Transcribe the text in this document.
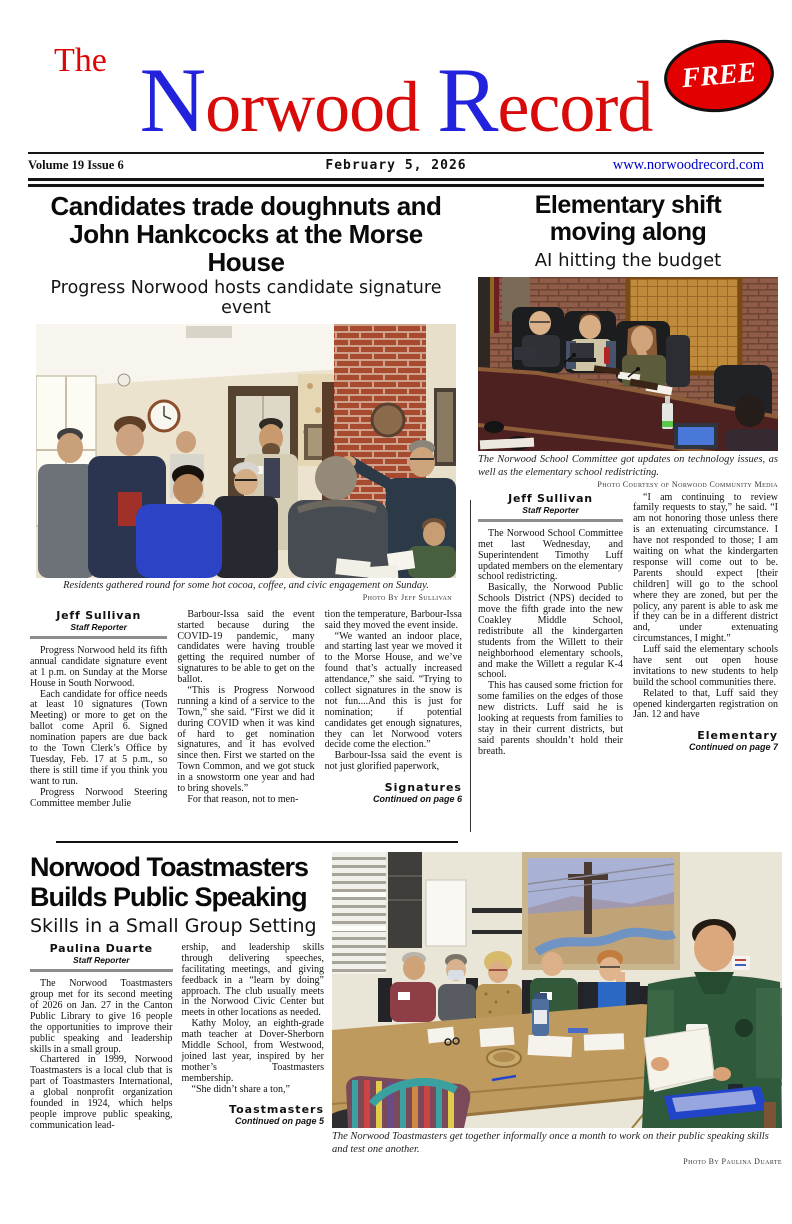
The Norwood Record	FREE
Volume 19 Issue 6	February 5, 2026	www.norwoodrecord.com
Candidates trade doughnuts and
John Hankcocks at the Morse House
Progress Norwood hosts candidate signature event
Residents gathered round for some hot cocoa, coffee, and civic engagement on Sunday.
Photo By Jeff Sullivan
Jeff Sullivan
Staff Reporter

Progress Norwood held its fifth annual candidate signature event at 1 p.m. on Sunday at the Morse House in South Norwood.

Each candidate for office needs at least 10 signatures (Town Meeting) or more to get on the ballot come April 6. Signed nomination papers are due back to the Town Clerk’s Office by Tuesday, Feb. 17 at 5 p.m., so there is still time if you think you want to run.

Progress Norwood Steering Committee member Julie

Barbour-Issa said the event started because during the COVID-19 pandemic, many candidates were having trouble getting the required number of signatures to be able to get on the ballot.

“This is Progress Norwood running a kind of a service to the Town,” she said. “First we did it during COVID when it was kind of hard to get nomination signatures, and it has evolved since then. First we started on the Town Common, and we got stuck in a snowstorm one year and had to bring shovels.”

For that reason, not to men-

tion the temperature, Barbour-Issa said they moved the event inside.

“We wanted an indoor place, and starting last year we moved it to the Morse House, and we’ve found that’s actually increased attendance,” she said. “Trying to collect signatures in the snow is not fun....And this is just for nomination; if potential candidates get enough signatures, they can let Norwood voters decide come the election.”

Barbour-Issa said the event is not just glorified paperwork,

Signatures
Continued on page 6
Elementary shift
moving along
AI hitting the budget
The Norwood School Committee got updates on technology issues, as well as the elementary school redistricting.
Photo Courtesy of Norwood Community Media
Jeff Sullivan
Staff Reporter

The Norwood School Committee met last Wednesday, and Superintendent Timothy Luff updated members on the elementary school redistricting.

Basically, the Norwood Public Schools District (NPS) decided to move the fifth grade into the new Coakley Middle School, redistribute all the kindergarten students from the Willett to their neighborhood elementary schools, and make the Willett a regular K-4 school.

This has caused some friction for some families on the edges of those new districts. Luff said he is looking at requests from families to stay in their current districts, but said parents shouldn’t hold their breath.

“I am continuing to review family requests to stay,” he said. “I am not honoring those unless there is an extenuating circumstance. I have not responded to those; I am waiting on what the kindergarten response will come out to be. Parents should expect [their children] will go to the school where they are zoned, but per the policy, any parent is able to ask me if they can be in a different district and, under extenuating circumstances, I might.”

Luff said the elementary schools have sent out open house invitations to new students to help build the school communities there.

Related to that, Luff said they opened kindergarten registration on Jan. 12 and have

Elementary
Continued on page 7
Norwood Toastmasters
Builds Public Speaking
Skills in a Small Group Setting
Paulina Duarte
Staff Reporter

The Norwood Toastmasters group met for its second meeting of 2026 on Jan. 27 in the Canton Public Library to give 16 people the opportunities to improve their public speaking and leadership skills in a small group.

Chartered in 1999, Norwood Toastmasters is a local club that is part of Toastmasters International, a global nonprofit organization founded in 1924, which helps people improve public speaking, communication lead-

ership, and leadership skills through delivering speeches, facilitating meetings, and giving feedback in a “learn by doing” approach. The club usually meets in the Norwood Civic Center but meets in other locations as needed.

Kathy Moloy, an eighth-grade math teacher at Dover-Sherborn Middle School, from Westwood, joined last year, inspired by her mother’s Toastmasters membership.

“She didn’t share a ton,”

Toastmasters
Continued on page 5
The Norwood Toastmasters get together informally once a month to work on their public speaking skills and test one another.
Photo By Paulina Duarte
